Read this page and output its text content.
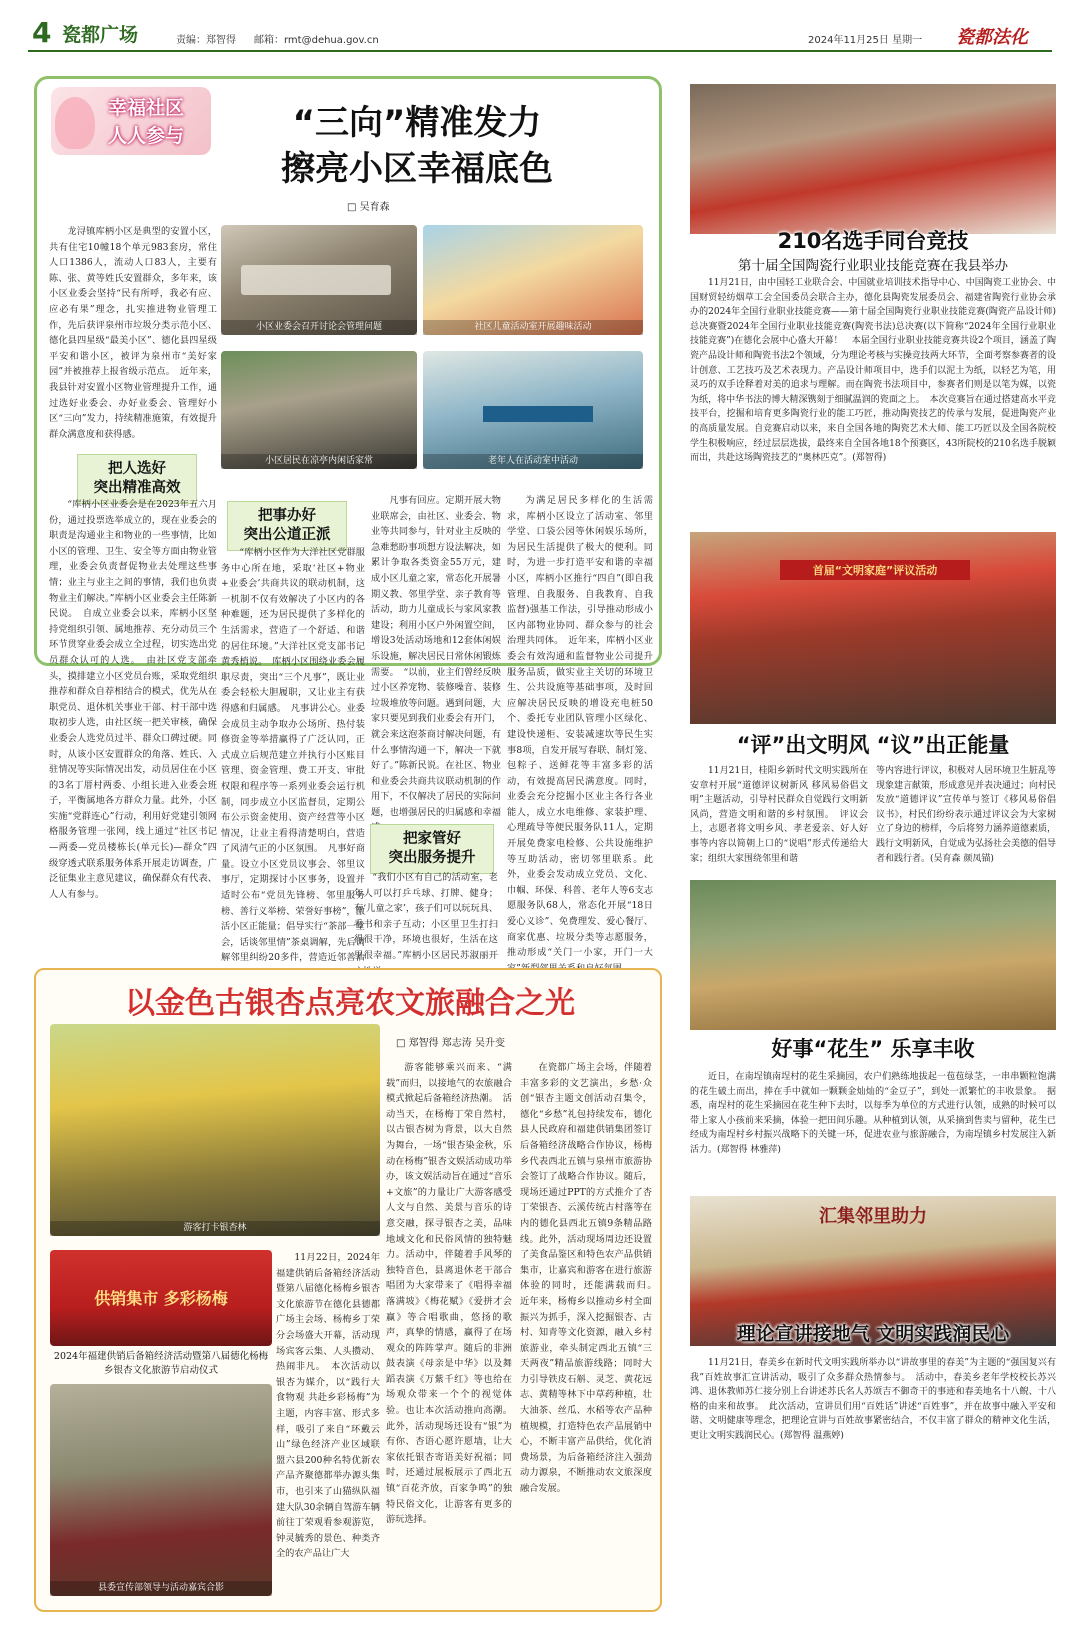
4 瓷都广场	责编：郑智得 邮箱：rmt@dehua.gov.cn	2024年11月25日 星期一 瓷都法化
幸福社区
人人参与	“三向”精准发力
擦亮小区幸福底色
□ 吴育森
龙浔镇库柄小区是典型的安置小区，共有住宅10幢18个单元983套房，常住人口1386人，流动人口83人，主要有陈、张、黄等姓氏安置群众，多年来，该小区业委会坚持“民有所呼，我必有应、应必有果”理念，扎实推进物业管理工作，先后获评泉州市垃圾分类示范小区、德化县四星级“最美小区”、德化县四星级平安和谐小区，被评为泉州市“美好家园”并被推荐上报省级示范点。　近年来，我县针对安置小区物业管理提升工作，通过选好业委会、办好业委会、管理好小区“三向”发力，持续精准施策，有效提升群众满意度和获得感。
小区业委会召开讨论会管理问题	社区儿童活动室开展趣味活动
小区居民在凉亭内闲话家常	老年人在活动室中活动
把人选好
突出精准高效
“库柄小区业委会是在2023年五六月份，通过投票选举成立的，现在业委会的职责是沟通业主和物业的一些事情，比如小区的管理、卫生、安全等方面由物业管理，业委会负责督促物业去处理这些事情；业主与业主之间的事情，我们也负责物业主们解决。”库柄小区业委会主任陈新民说。　自成立业委会以来，库柄小区坚持党组织引领、属地推荐、充分动员三个环节贯穿业委会成立全过程，切实选出党员群众认可的人选。　由社区党支部牵头，摸排建立小区党员台账，采取党组织推荐和群众自荐相结合的模式，优先从在职党员、退休机关事业干部、村干部中选取初步人选，由社区统一把关审核，确保业委会人选党员过半、群众口碑过硬。同时，从该小区安置群众的角落、姓氏、入驻情况等实际情况出发，动员居住在小区的3名丁厝村两委、小组长进入业委会班子，平衡属地各方群众力量。此外，小区实施“党群连心”行动，利用好党建引领网格服务管理一张网，线上通过“社区书记—两委—党员楼栋长(单元长)—群众”四级穿透式联系服务体系开展走访调查，广泛征集业主意见建议，确保群众有代表、人人有参与。
把事办好
突出公道正派
“库柄小区作为大洋社区党群服务中心所在地，采取‘社区+物业+业委会’共商共议的联动机制，这一机制不仅有效解决了小区内的各种难题，还为居民提供了多样化的生活需求，营造了一个舒适、和谐的居住环境。”大洋社区党支部书记黄秀梢说。　库柄小区围绕业委会履职尽责，突出“三个凡事”，既让业委会轻松大胆履职，又让业主有获得感和归属感。　凡事讲公心。业委会成员主动争取办公场所、热付装修资金等举措赢得了广泛认同，正式成立后规范建立并执行小区账目管理、资金管理、费工开支、审批权限和程序等一系列业委会运行机制，同步成立小区监督员，定期公布公示资金使用、资产经营等小区情况，让业主看得清楚明白，营造了风清气正的小区氛围。　凡事好商量。设立小区党员议事会、邻里议事厅，定期探讨小区事务，设置并适时公布“党员先锋榜、邻里服务榜、善行义举榜、荣誉好事榜”，激活小区正能量；倡导实行“茶部一堂会，话谈邻里情”茶桌调解，先后调解邻里纠纷20多件，营造近邻善治
凡事有回应。定期开展大物业联席会，由社区、业委会、物业等共同参与，针对业主反映的急难愁盼事项想方设法解决，如累计争取各类资金55万元，建成小区儿童之家，常态化开展暑期义教、邻里学堂、亲子教育等活动，助力儿童成长与家风家教建设；利用小区户外闲置空间，增设3处活动场地和12套体闲娱乐设施，解决居民日常休闲锻炼需要。　“以前，业主们曾经反映过小区养宠物、装修噪音、装修垃圾堆放等问题。遇到问题，大家只要见到我们业委会有开门，就会来这泡茶商讨解决问题，有什么事情沟通一下，解决一下就好了。”陈新民说。在社区、物业和业委会共商共议联动机制的作用下，不仅解决了居民的实际问题，也增强居民的归属感和幸福
为满足居民多样化的生活需求，库柄小区设立了活动室、邻里学堂、口袋公园等休闲娱乐场所，为居民生活提供了极大的便利。同时，为进一步打造平安和谐的幸福小区，库柄小区推行“四自”(即自我管理、自我服务、自我教育、自我监督)强基工作法，引导推动形成小区内部物业协同、群众参与的社会治理共同体。　近年来，库柄小区业委会有效沟通和监督物业公司提升服务品质，做实业主关切的环境卫生、公共设施等基础事项，及时回应解决居民反映的增设充电桩50个、委托专业团队管理小区绿化、建设快递柜、安装减速坎等民生实事8项，自发开展写春联、制灯笼、包粽子、送鲜花等丰富多彩的活动，有效提高居民满意度。同时，业委会充分挖掘小区业主各行各业能人，成立水电维修、家装护理、心理疏导等便民服务队11人，定期开展免费家电检修、公共设施维护等互助活动，密切邻里联系。此外，业委会发动成立党员、文化、巾帼、环保、科普、老年人等6支志愿服务队68人，常态化开展“18日爱心义诊”、免费理发、爱心餐厅、商家优惠、垃圾分类等志愿服务，推动形成“关门一小家，开门一大
把家管好
突出服务提升
“我们小区有自己的活动室，老年人可以打乒乓球、打牌、健身；有‘儿童之家’，孩子们可以玩玩具、看书和亲子互动；小区里卫生打扫得很干净，环境也很好，生活在这里很幸福。”库柄小区居民苏淑丽开
以金色古银杏点亮农文旅融合之光
□ 郑智得 郑志涛 吴升变
游客打卡银杏林
供销集市 多彩杨梅
2024年福建供销后备箱经济活动暨第八届德化杨梅乡银杏文化旅游节启动仪式
县委宣传部领导与活动嘉宾合影
11月22日，2024年福建供销后备箱经济活动暨第八届德化杨梅乡银杏文化旅游节在德化县德都广场主会场、杨梅乡丁荣分会场盛大开幕，活动现场宾客云集、人头攒动、热闹非凡。　本次活动以银杏为媒介，以“践行大食物观 共赴乡彩杨梅”为主题，内容丰富、形式多样，吸引了来自“环戴云山”绿色经济产业区域联盟六县200种名特优新农产品齐聚德都举办源头集市，也引来了山猫纵队福建大队30余辆自驾游车辆前往丁荣观看参观游览，钟灵毓秀的景色、种类齐全的农产品让广大
游客能够乘兴而来、“满载”而归，以接地气的农旅融合模式掀起后备箱经济热潮。　活动当天，在杨梅丁荣自然村，以古银杏树为背景，以大自然为舞台，一场“银杏染金秋，乐动在杨梅”银杏文娱活动成功举办，该文娱活动旨在通过“音乐+文旅”的力量让广大游客感受人文与自然、美景与音乐的诗意交融，探寻银杏之美，品味地域文化和民俗风情的独特魅力。活动中，伴随着手风琴的独特音色，县离退休老干部合唱团为大家带来了《唱得幸福落满坡》《梅花赋》《爱拼才会赢》等合唱歌曲，悠扬的歌声，真挚的情感，赢得了在场观众的阵阵掌声。随后的非洲鼓表演《母亲是中华》以及舞蹈表演《万紫千红》等也给在场观众带来一个个的视觉体验。也让本次活动推向高潮。此外，活动现场还设有“银”为有你、杏语心愿许愿墙，让大家依托银杏寄语美好祝福；同时，还通过展板展示了西北五镇“百花齐放，百家争鸣”的独特民俗文化，让游客有更多的游玩选择。
在瓷都广场主会场，伴随着丰富多彩的文艺演出，乡愁·众创“银杏主题文创活动召集令，德化“乡愁”礼包持续发布，德化县人民政府和福建供销集团签订后备箱经济战略合作协议，杨梅乡代表西北五镇与泉州市旅游协会签订了战略合作协议。随后，现场还通过PPT的方式推介了杏丁荣银杏、云溪传统古村落等在内的德化县西北五镇9条精品路线。此外，活动现场周边还设置了美食品鉴区和特色农产品供销集市，让嘉宾和游客在进行旅游体验的同时，还能满载而归。　近年来，杨梅乡以推动乡村全面振兴为抓手，深入挖掘银杏、古村、知青等文化资源，融入乡村旅游业，牵头制定西北五镇“三天两夜”精品旅游线路；同时大力引导铁皮石斛、灵芝、黄花远志、黄精等林下中草药种植，壮大油茶、丝瓜、水稻等农产品种植规模，打造特色农产品展销中心，不断丰富产品供给，优化消费场景，为后备箱经济注入强劲动力源泉，不断推动农文旅深度融合发展。
210名选手同台竞技
第十届全国陶瓷行业职业技能竞赛在我县举办
11月21日，由中国轻工业联合会、中国就业培训技术指导中心、中国陶瓷工业协会、中国财贸轻纺烟草工会全国委员会联合主办，德化县陶瓷发展委员会、福建省陶瓷行业协会承办的2024年全国行业职业技能竞赛——第十届全国陶瓷行业职业技能竞赛(陶瓷产品设计师)总决赛暨2024年全国行业职业技能竞赛(陶瓷书法)总决赛(以下简称“2024年全国行业职业技能竞赛”)在德化会展中心盛大开幕！　本届全国行业职业技能竞赛共设2个项目，涵盖了陶瓷产品设计师和陶瓷书法2个领域，分为理论考核与实操竞技两大环节，全面考察参赛者的设计创意、工艺技巧及艺术表现力。产品设计师项目中，选手们以泥土为纸，以轻艺为笔，用灵巧的双手诠释着对美的追求与理解。而在陶瓷书法项目中，参赛者们则是以笔为媒，以瓷为纸，将中华书法的博大精深镌刻于细腻温润的瓷面之上。　本次竞赛旨在通过搭建高水平竞技平台，挖掘和培育更多陶瓷行业的能工巧匠，推动陶瓷技艺的传承与发展，促进陶瓷产业的高质量发展。自竞赛启动以来，来自全国各地的陶瓷艺术大师、能工巧匠以及全国各院校学生积极响应，经过层层选拔，最终来自全国各地18个预赛区，43所院校的210名选手脱颖而出，共赴这场陶瓷技艺的“奥林匹克”。(郑智得)
首届“文明家庭”评议活动
“评”出文明风 “议”出正能量
11月21日，桂阳乡新时代文明实践所在安章村开展“道德评议树新风 移风易俗倡文明”主题活动，引导村民群众自觉践行文明新风尚，营造文明和谐的乡村氛围。　评议会上，志愿者将文明乡风、孝老爱亲、好人好事等内容以简朝上口的“说唱”形式传递给大家；组织大家围绕邻里和谐
等内容进行评议，积极对人居环境卫生脏乱等现象建言献策，形成意见并表决通过；向村民发放“道德评议”宣传单与签订《移风易俗倡议书》，村民们纷纷表示通过评议会为大家树立了身边的榜样，今后将努力涵养道德素质，践行文明新风，自觉成为弘扬社会美德的倡导者和践行者。(吴育森 颜凤锚)
好事“花生” 乐享丰收
近日，在南埕镇南埕村的花生采摘园，农户们熟练地拔起一苞苞绿茎，一串串颗粒饱满的花生破土而出，捧在手中就如一颗颗金灿灿的“金豆子”，到处一派繁忙的丰收景象。　据悉，南埕村的花生采摘园在花生种下去时，以每季为单位的方式进行认领，成熟的时候可以带上家人小孩前来采摘，体验一把田间乐趣。从种植到认领，从采摘到售卖与留种，花生已经成为南埕村乡村振兴战略下的关键一环，促进农业与旅游融合，为南埕镇乡村发展注入新活力。(郑智得 林雅萍)
汇集邻里助力
理论宣讲接地气 文明实践润民心
11月21日，春美乡在新时代文明实践所举办以“讲故事里的春美”为主题的“强国复兴有我”百姓故事汇宣讲活动，吸引了众多群众热情参与。　活动中，春美乡老年学校校长苏兴鸿、退休教师苏仁接分别上台讲述苏氏名人苏颂吉不御奇干的事迹和春美地名十八鲵、十八格的由来和故事。　此次活动，宣讲员们用“百姓话”讲述“百姓事”，并在故事中融入平安和谐、文明健康等理念，把理论宣讲与百姓故事紧密结合，不仅丰富了群众的精神文化生活，更让文明实践润民心。(郑智得 温燕婷)
